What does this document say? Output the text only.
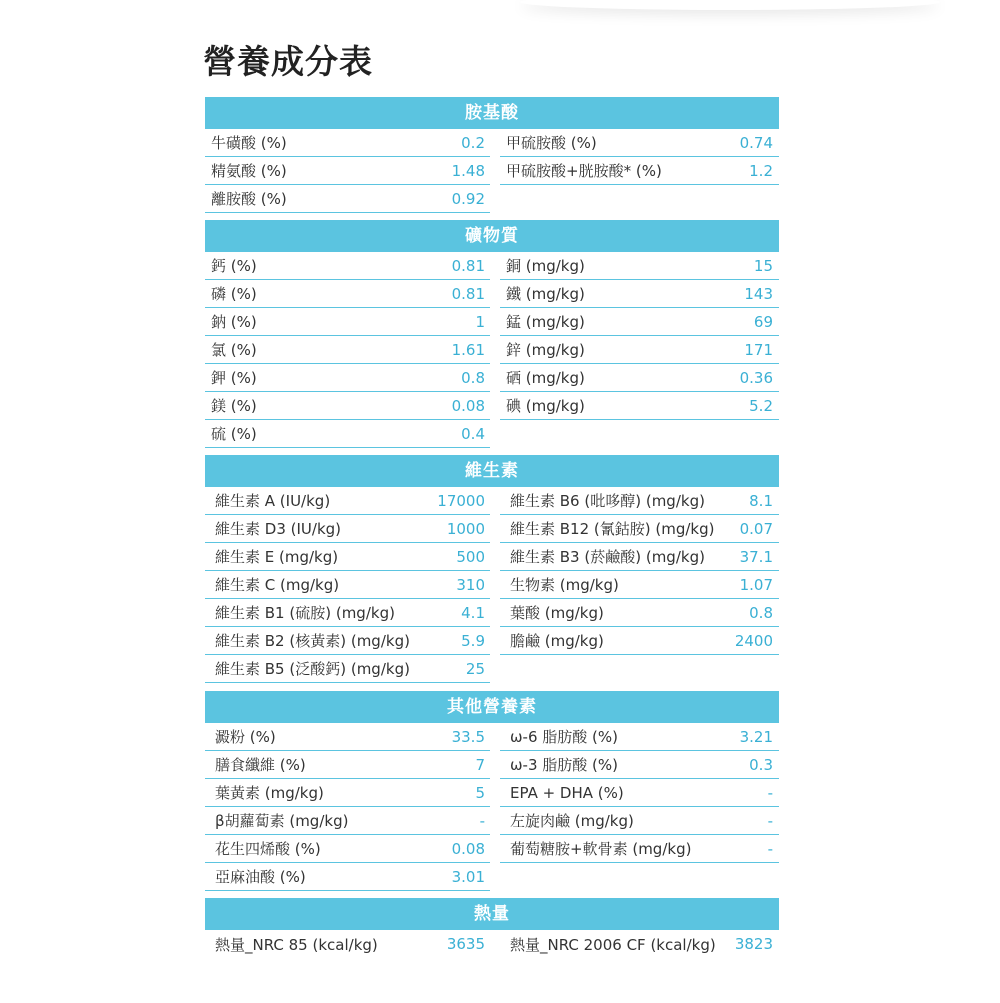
營養成分表
胺基酸
牛磺酸 (%)	0.2	甲硫胺酸 (%)	0.74
精氨酸 (%)	1.48	甲硫胺酸+胱胺酸* (%)	1.2
離胺酸 (%)	0.92
礦物質
鈣 (%)	0.81	銅 (mg/kg)	15
磷 (%)	0.81	鐵 (mg/kg)	143
鈉 (%)	1	錳 (mg/kg)	69
氯 (%)	1.61	鋅 (mg/kg)	171
鉀 (%)	0.8	硒 (mg/kg)	0.36
鎂 (%)	0.08	碘 (mg/kg)	5.2
硫 (%)	0.4
維生素
維生素 A (IU/kg)	17000	維生素 B6 (吡哆醇) (mg/kg)	8.1
維生素 D3 (IU/kg)	1000	維生素 B12 (氰鈷胺) (mg/kg)	0.07
維生素 E (mg/kg)	500	維生素 B3 (菸鹼酸) (mg/kg)	37.1
維生素 C (mg/kg)	310	生物素 (mg/kg)	1.07
維生素 B1 (硫胺) (mg/kg)	4.1	葉酸 (mg/kg)	0.8
維生素 B2 (核黃素) (mg/kg)	5.9	膽鹼 (mg/kg)	2400
維生素 B5 (泛酸鈣) (mg/kg)	25
其他營養素
澱粉 (%)	33.5	ω-6 脂肪酸 (%)	3.21
膳食纖維 (%)	7	ω-3 脂肪酸 (%)	0.3
葉黃素 (mg/kg)	5	EPA + DHA (%)	-
β胡蘿蔔素 (mg/kg)	-	左旋肉鹼 (mg/kg)	-
花生四烯酸 (%)	0.08	葡萄糖胺+軟骨素 (mg/kg)	-
亞麻油酸 (%)	3.01
熱量
熱量_NRC 85 (kcal/kg)	3635	熱量_NRC 2006 CF (kcal/kg)	3823
